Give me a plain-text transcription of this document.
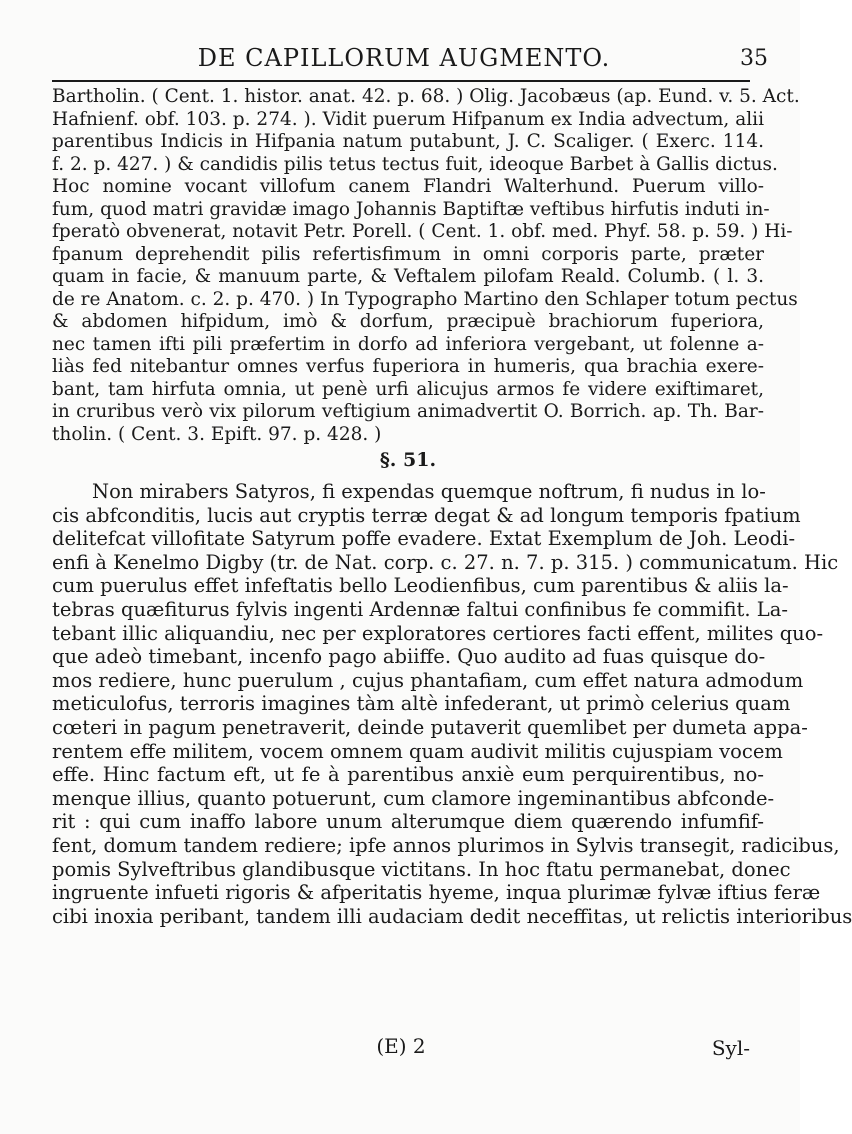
DE CAPILLORUM AUGMENTO.	35
Bartholin. ( Cent. 1. histor. anat. 42. p. 68. ) Olig. Jacobæus (ap. Eund. v. 5. Act.
Hafnienf. obf. 103. p. 274. ). Vidit puerum Hifpanum ex India advectum, alii
parentibus Indicis in Hifpania natum putabunt, J. C. Scaliger. ( Exerc. 114.
f. 2. p. 427. ) & candidis pilis tetus tectus fuit, ideoque Barbet à Gallis dictus.
Hoc nomine vocant villofum canem Flandri Walterhund. Puerum villo-
fum, quod matri gravidæ imago Johannis Baptiftæ veftibus hirfutis induti in-
fperatò obvenerat, notavit Petr. Porell. ( Cent. 1. obf. med. Phyf. 58. p. 59. ) Hi-
fpanum deprehendit pilis refertisfimum in omni corporis parte, præter
quam in facie, & manuum parte, & Veftalem pilofam Reald. Columb. ( l. 3.
de re Anatom. c. 2. p. 470. ) In Typographo Martino den Schlaper totum pectus
& abdomen hifpidum, imò & dorfum, præcipuè brachiorum fuperiora,
nec tamen ifti pili præfertim in dorfo ad inferiora vergebant, ut folenne a-
liàs fed nitebantur omnes verfus fuperiora in humeris, qua brachia exere-
bant, tam hirfuta omnia, ut penè urfi alicujus armos fe videre exiftimaret,
in cruribus verò vix pilorum veftigium animadvertit O. Borrich. ap. Th. Bar-
tholin. ( Cent. 3. Epift. 97. p. 428. )
§. 51.
Non mirabers Satyros, fi expendas quemque noftrum, fi nudus in lo-
cis abfconditis, lucis aut cryptis terræ degat & ad longum temporis fpatium
delitefcat villofitate Satyrum poffe evadere. Extat Exemplum de Joh. Leodi-
enfi à Kenelmo Digby (tr. de Nat. corp. c. 27. n. 7. p. 315. ) communicatum. Hic
cum puerulus effet infeftatis bello Leodienfibus, cum parentibus & aliis la-
tebras quæfiturus fylvis ingenti Ardennæ faltui confinibus fe commifit. La-
tebant illic aliquandiu, nec per exploratores certiores facti effent, milites quo-
que adeò timebant, incenfo pago abiiffe. Quo audito ad fuas quisque do-
mos rediere, hunc puerulum , cujus phantafiam, cum effet natura admodum
meticulofus, terroris imagines tàm altè infederant, ut primò celerius quam
cœteri in pagum penetraverit, deinde putaverit quemlibet per dumeta appa-
rentem effe militem, vocem omnem quam audivit militis cujuspiam vocem
effe. Hinc factum eft, ut fe à parentibus anxiè eum perquirentibus, no-
menque illius, quanto potuerunt, cum clamore ingeminantibus abfconde-
rit : qui cum inaffo labore unum alterumque diem quærendo infumfif-
fent, domum tandem rediere; ipfe annos plurimos in Sylvis transegit, radicibus,
pomis Sylveftribus glandibusque victitans. In hoc ftatu permanebat, donec
ingruente infueti rigoris & afperitatis hyeme, inqua plurimæ fylvæ iftius feræ
cibi inoxia peribant, tandem illi audaciam dedit neceffitas, ut relictis interioribus
(E) 2	Syl-
